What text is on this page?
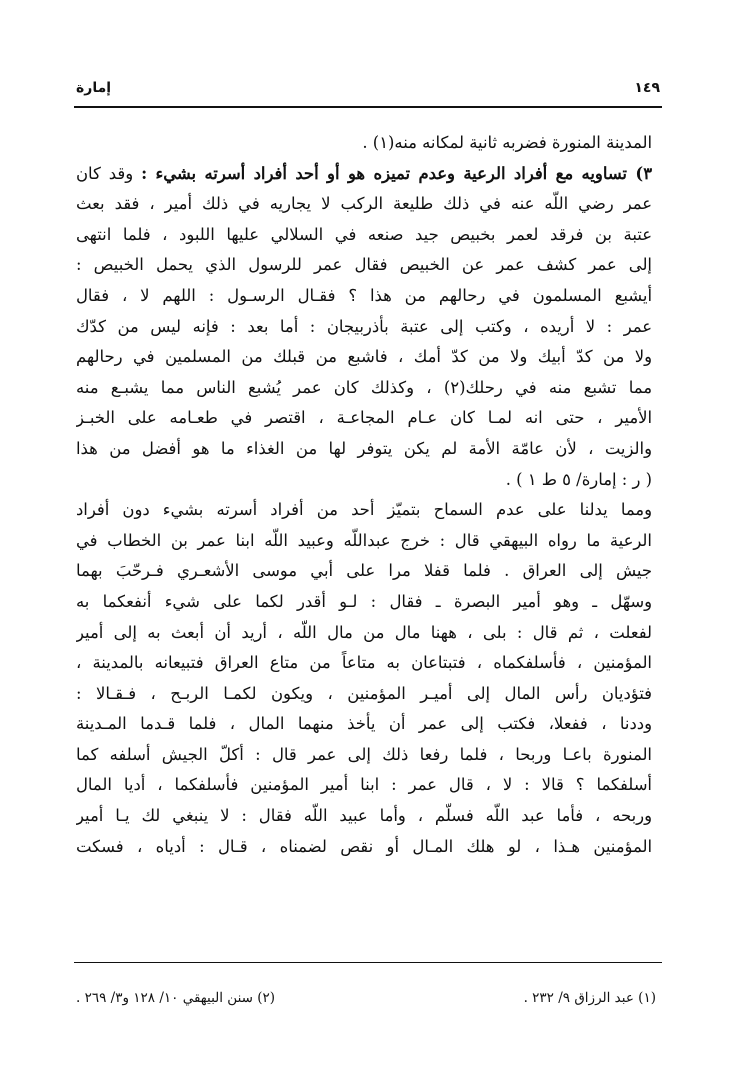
١٤٩
إمارة
المدينة المنورة فضربه ثانية لمكانه منه(١) .
٣) تساويه مع أفراد الرعية وعدم تميزه هو أو أحد أفراد أسرته بشيء : وقد كان
عمر رضي اللّه عنه في ذلك طليعة الركب لا يجاريه في ذلك أمير ، فقد بعث
عتبة بن فرقد لعمر بخبيص جيد صنعه في السلالي عليها اللبود ، فلما انتهى
إلى عمر كشف عمر عن الخبيص فقال عمر للرسول الذي يحمل الخبيص :
أيشبع المسلمون في رحالهم من هذا ؟ فقـال الرسـول : اللهم لا ، فقال
عمر : لا أريده ، وكتب إلى عتبة بأذربيجان : أما بعد : فإنه ليس من كدّك
ولا من كدّ أبيك ولا من كدّ أمك ، فاشبع من قبلك من المسلمين في رحالهم
مما تشبع منه في رحلك(٢) ، وكذلك كان عمر يُشبع الناس مما يشبـع منه
الأمير ، حتى انه لمـا كان عـام المجاعـة ، اقتصر في طعـامه على الخبـز
والزيت ، لأن عامّة الأمة لم يكن يتوفر لها من الغذاء ما هو أفضل من هذا
( ر : إمارة/ ٥ ط ١ ) .
ومما يدلنا على عدم السماح بتميّز أحد من أفراد أسرته بشيء دون أفراد
الرعية ما رواه البيهقي قال : خرج عبداللّه وعبيد اللّه ابنا عمر بن الخطاب في
جيش إلى العراق . فلما قفلا مرا على أبي موسى الأشعـري فـرحّبَ بهما
وسهّل ـ وهو أمير البصرة ـ فقال : لـو أقدر لكما على شيء أنفعكما به
لفعلت ، ثم قال : بلى ، ههنا مال من مال اللّه ، أريد أن أبعث به إلى أمير
المؤمنين ، فأسلفكماه ، فتبتاعان به متاعاً من متاع العراق فتبيعانه بالمدينة ،
فتؤديان رأس المال إلى أميـر المؤمنين ، ويكون لكمـا الربـح ، فـقـالا :
وددنا ، ففعلا، فكتب إلى عمر أن يأخذ منهما المال ، فلما قـدما المـدينة
المنورة باعـا وربحا ، فلما رفعا ذلك إلى عمر قال : أكلّ الجيش أسلفه كما
أسلفكما ؟ قالا : لا ، قال عمر : ابنا أمير المؤمنين فأسلفكما ، أديا المال
وربحه ، فأما عبد اللّه فسلّم ، وأما عبيد اللّه فقال : لا ينبغي لك يـا أمير
المؤمنين هـذا ، لو هلك المـال أو نقص لضمناه ، قـال : أدياه ، فسكت
(١) عبد الرزاق ٩/ ٢٣٢ .
(٢) سنن البيهقي ١٠/ ١٢٨ و٣/ ٢٦٩ .
